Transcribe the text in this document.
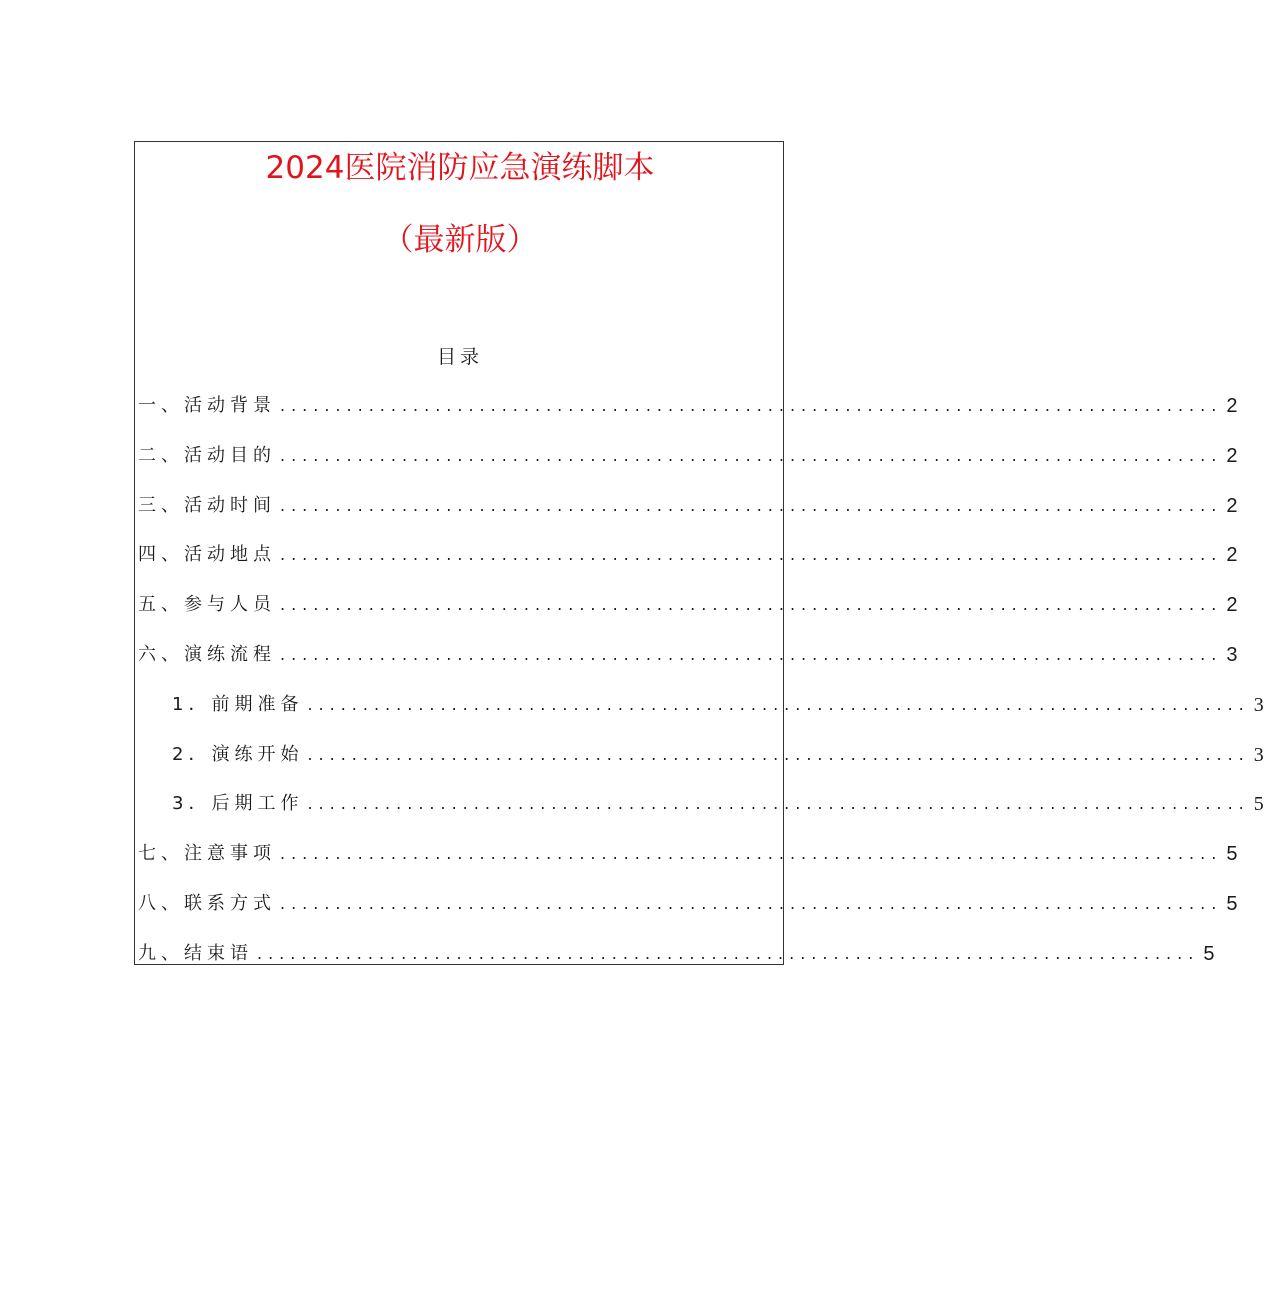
2024医院消防应急演练脚本
（最新版）
目录
一、活动背景 ..................................................................................... 2
二、活动目的 ..................................................................................... 2
三、活动时间 ..................................................................................... 2
四、活动地点 ..................................................................................... 2
五、参与人员 ..................................................................................... 2
六、演练流程 ..................................................................................... 3
1．前期准备 ..................................................................................... 3
2．演练开始 ..................................................................................... 3
3．后期工作 ..................................................................................... 5
七、注意事项 ..................................................................................... 5
八、联系方式 ..................................................................................... 5
九、结束语 ..................................................................................... 5
